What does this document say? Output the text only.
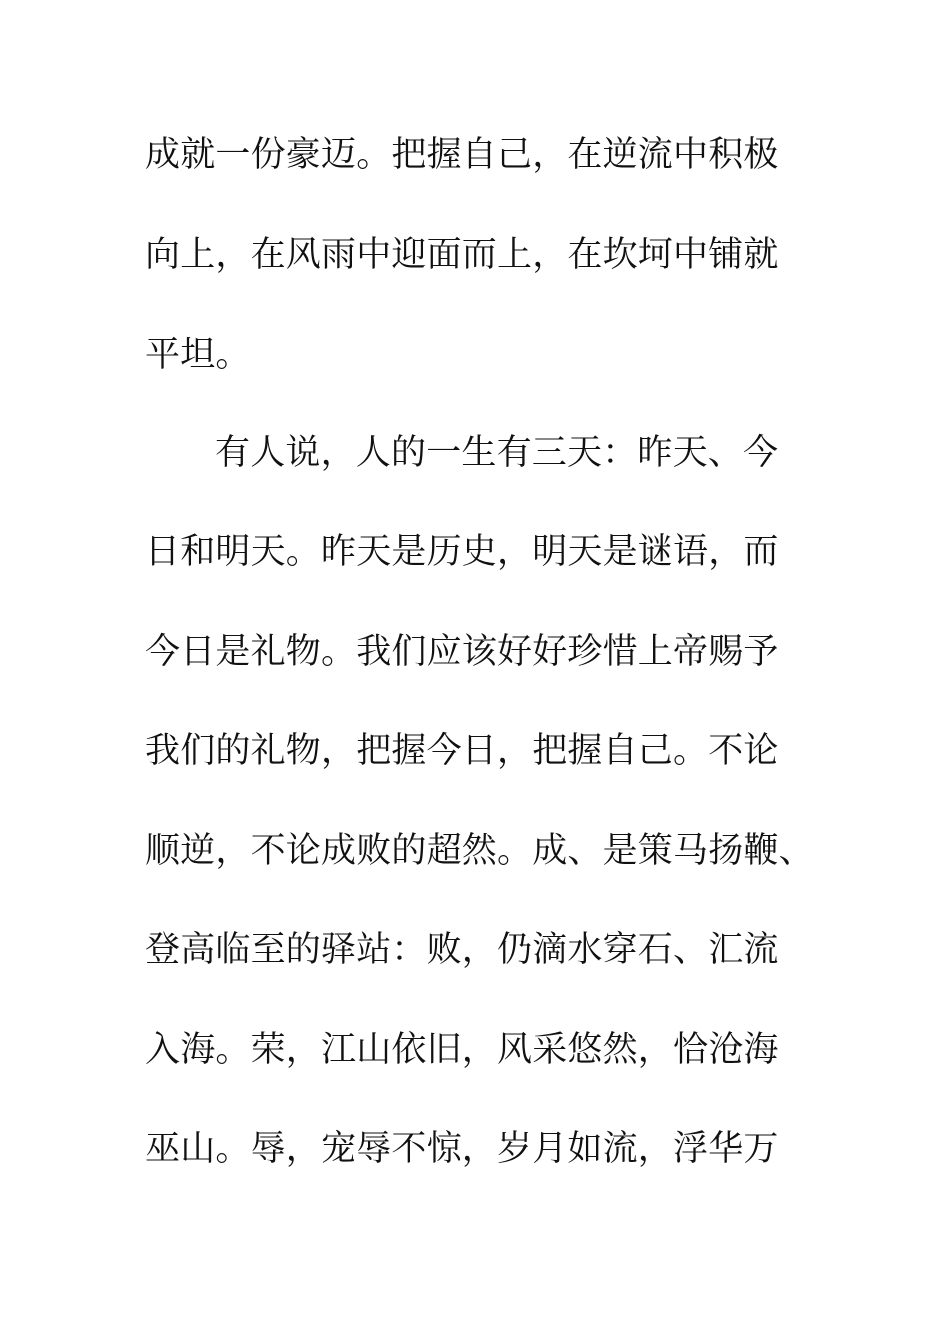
成就一份豪迈。把握自己，在逆流中积极
向上，在风雨中迎面而上，在坎坷中铺就
平坦。
有人说，人的一生有三天：昨天、今
日和明天。昨天是历史，明天是谜语，而
今日是礼物。我们应该好好珍惜上帝赐予
我们的礼物，把握今日，把握自己。不论
顺逆，不论成败的超然。成、是策马扬鞭、
登高临至的驿站：败，仍滴水穿石、汇流
入海。荣，江山依旧，风采悠然，恰沧海
巫山。辱，宠辱不惊，岁月如流，浮华万
